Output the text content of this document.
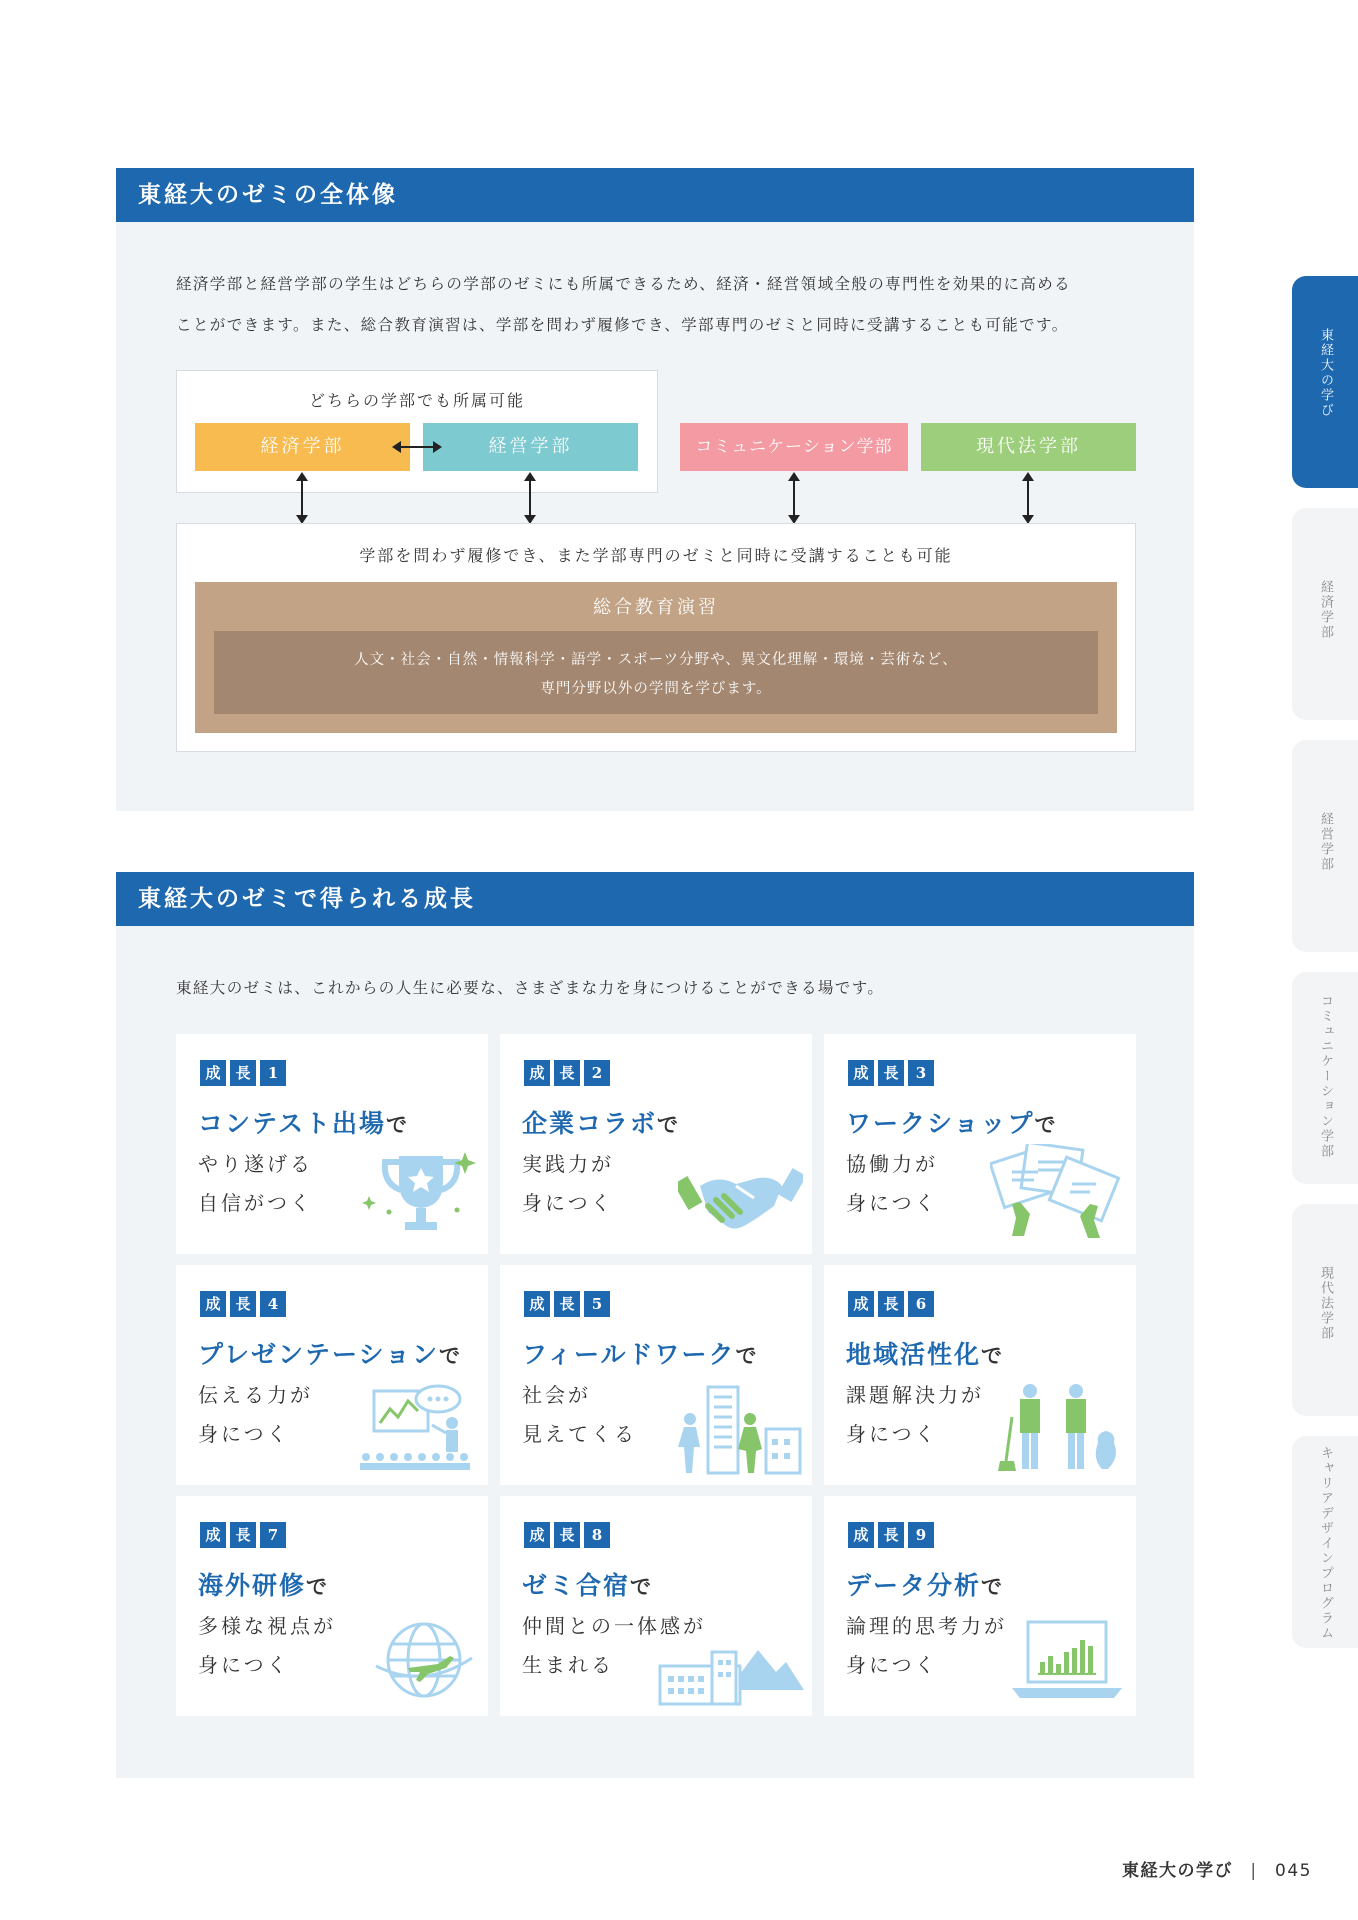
東経大のゼミの全体像
経済学部と経営学部の学生はどちらの学部のゼミにも所属できるため、経済・経営領域全般の専門性を効果的に高める
ことができます。また、総合教育演習は、学部を問わず履修でき、学部専門のゼミと同時に受講することも可能です。
どちらの学部でも所属可能
経済学部	経営学部	コミュニケーション学部	現代法学部
学部を問わず履修でき、また学部専門のゼミと同時に受講することも可能
総合教育演習
人文・社会・自然・情報科学・語学・スポーツ分野や、異文化理解・環境・芸術など、
専門分野以外の学問を学びます。
東経大のゼミで得られる成長
東経大のゼミは、これからの人生に必要な、さまざまな力を身につけることができる場です。
成 長	1
コンテスト出場で
やり遂げる
自信がつく
成 長	2
企業コラボで
実践力が
身につく
成 長	3
ワークショップで
協働力が
身につく
成 長	4
プレゼンテーションで
伝える力が
身につく
成 長	5
フィールドワークで
社会が
見えてくる
成 長	6
地域活性化で
課題解決力が
身につく
成 長	7
海外研修で
多様な視点が
身につく
成 長	8
ゼミ合宿で
仲間との一体感が
生まれる
成 長	9
データ分析で
論理的思考力が
身につく
東経大の学び
経済学部
経営学部
コミュニケーション学部
現代法学部
キャリアデザインプログラム
東経大の学び | 045
